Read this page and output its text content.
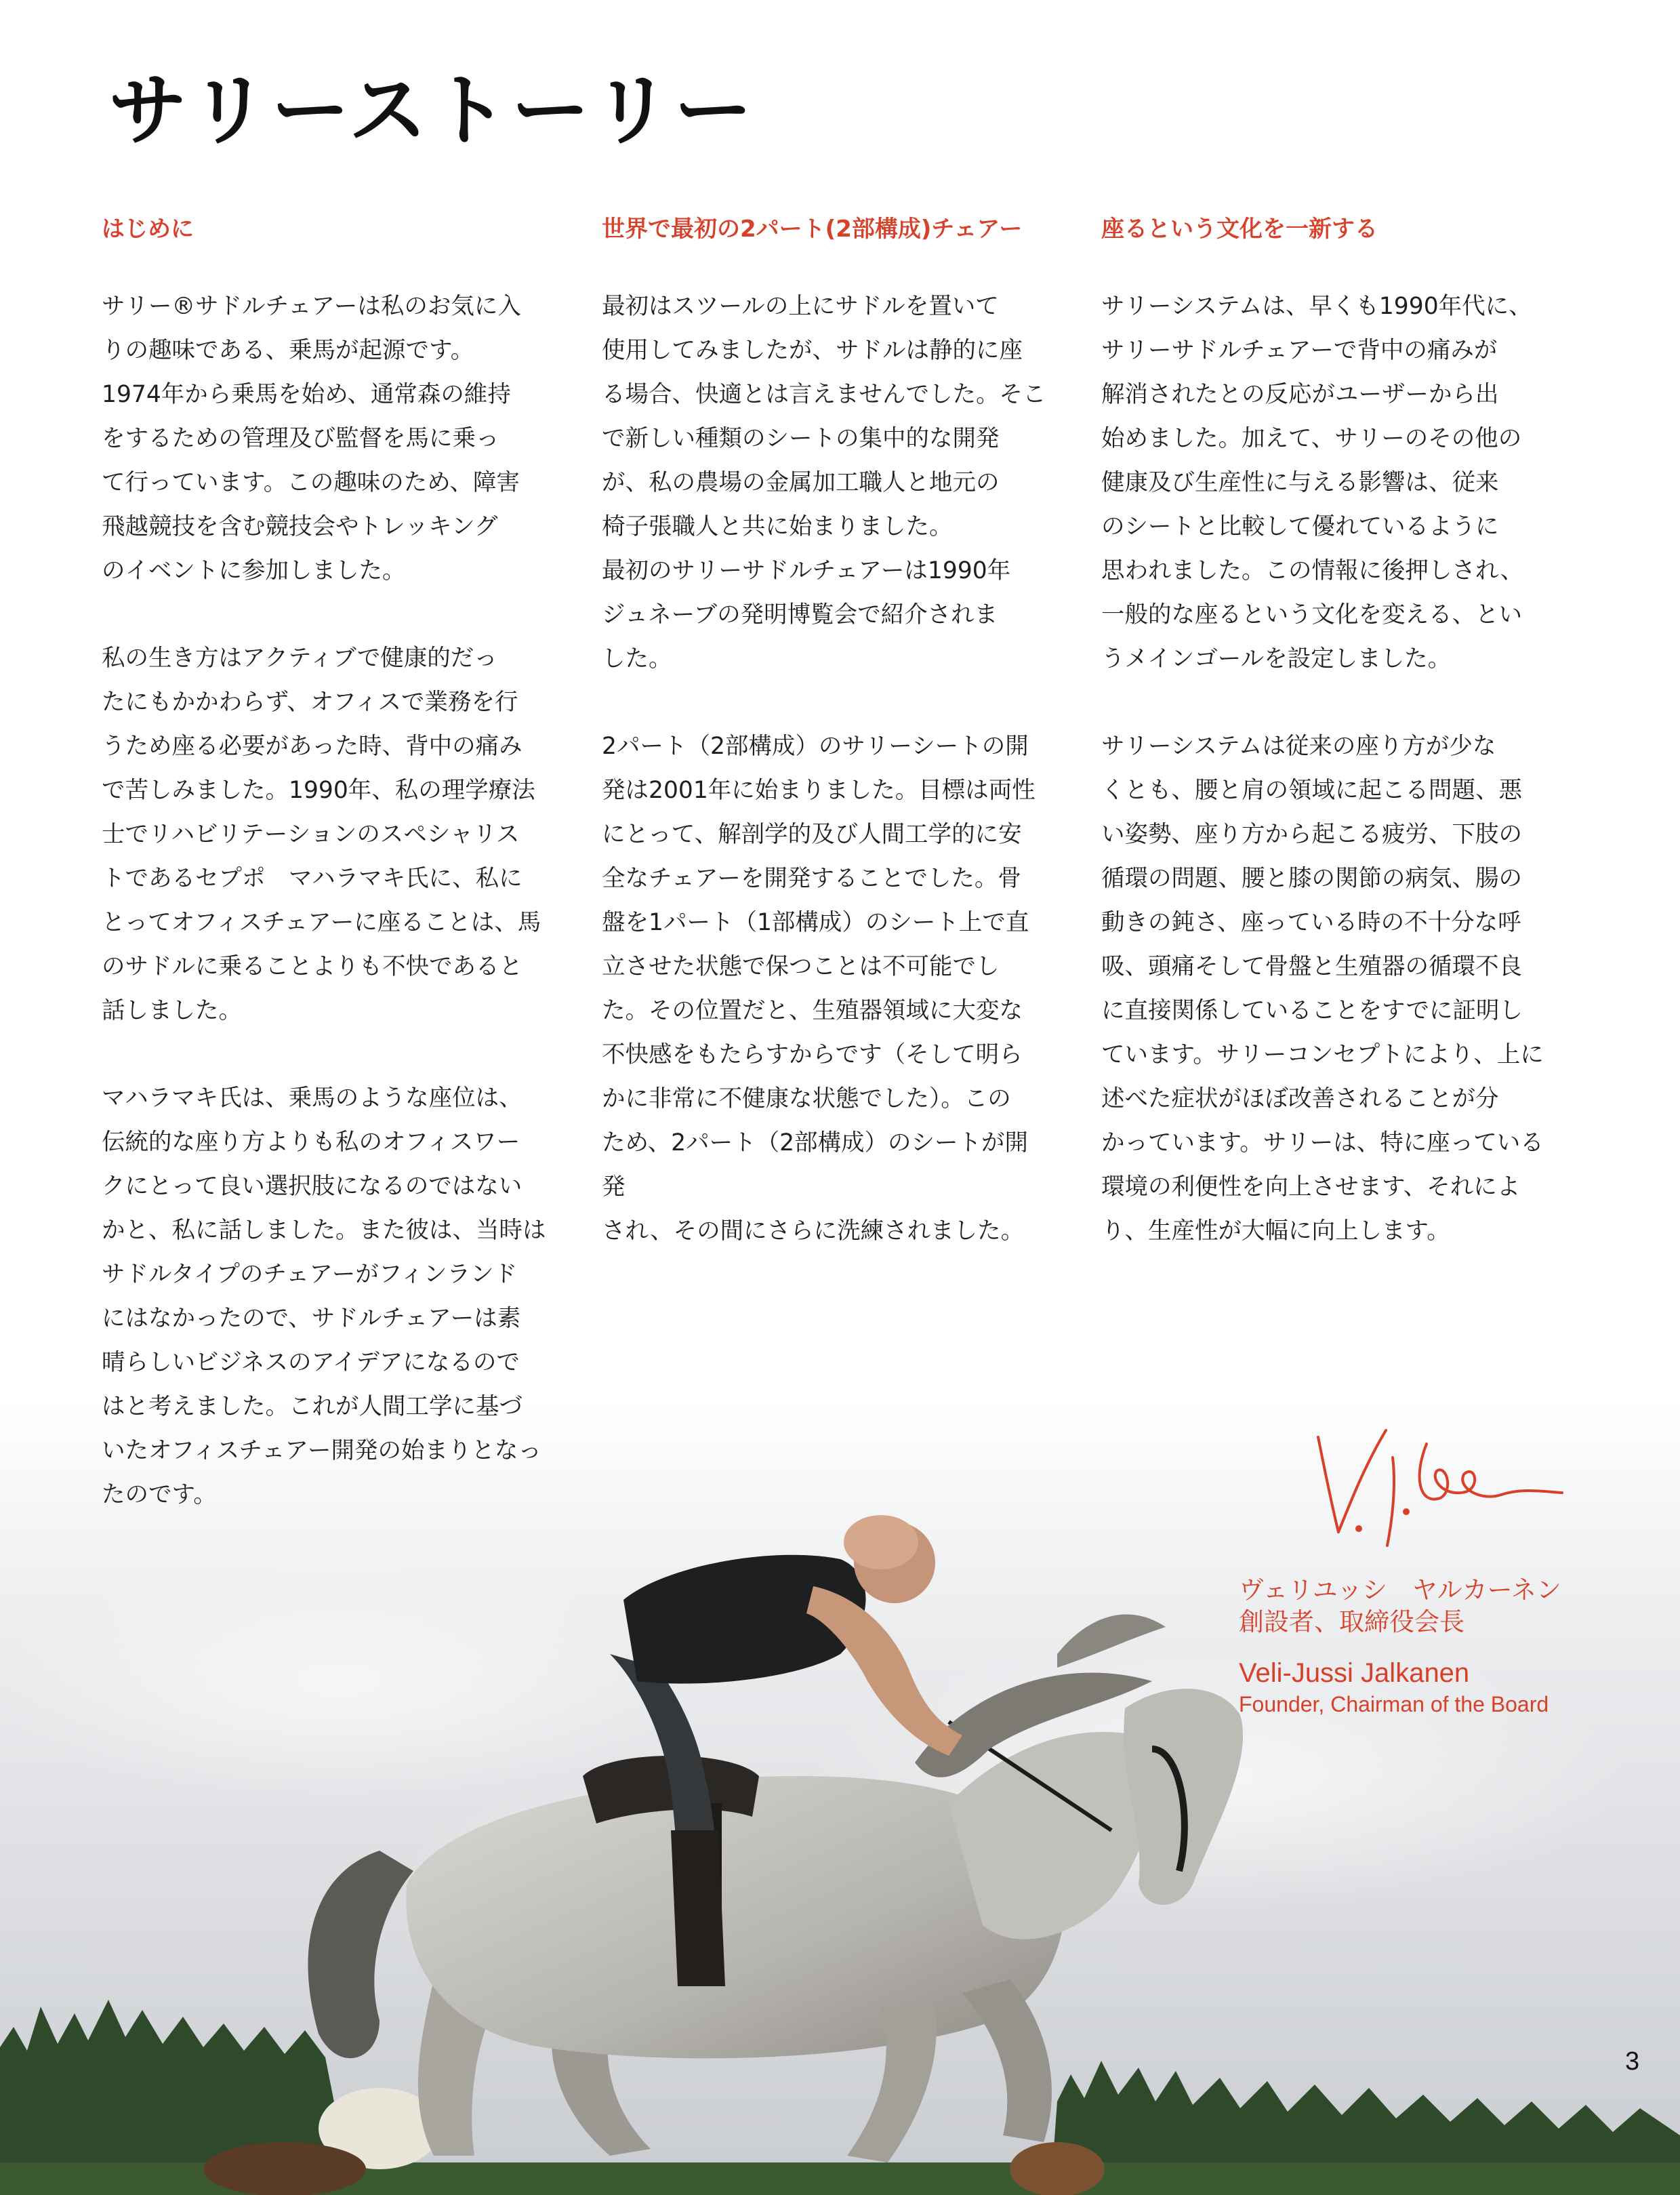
サリーストーリー
はじめに

サリー®サドルチェアーは私のお気に入
りの趣味である、乗馬が起源です。
1974年から乗馬を始め、通常森の維持
をするための管理及び監督を馬に乗っ
て行っています。この趣味のため、障害
飛越競技を含む競技会やトレッキング
のイベントに参加しました。

私の生き方はアクティブで健康的だっ
たにもかかわらず、オフィスで業務を行
うため座る必要があった時、背中の痛み
で苦しみました。1990年、私の理学療法
士でリハビリテーションのスペシャリス
トであるセプポ　マハラマキ氏に、私に
とってオフィスチェアーに座ることは、馬
のサドルに乗ることよりも不快であると
話しました。

マハラマキ氏は、乗馬のような座位は、
伝統的な座り方よりも私のオフィスワー
クにとって良い選択肢になるのではない
かと、私に話しました。また彼は、当時は
サドルタイプのチェアーがフィンランド
にはなかったので、サドルチェアーは素
晴らしいビジネスのアイデアになるので
はと考えました。これが人間工学に基づ
いたオフィスチェアー開発の始まりとなっ
たのです。

世界で最初の2パート(2部構成)チェアー

最初はスツールの上にサドルを置いて
使用してみましたが、サドルは静的に座
る場合、快適とは言えませんでした。そこ
で新しい種類のシートの集中的な開発
が、私の農場の金属加工職人と地元の
椅子張職人と共に始まりました。
最初のサリーサドルチェアーは1990年
ジュネーブの発明博覧会で紹介されま
した。

2パート（2部構成）のサリーシートの開
発は2001年に始まりました。目標は両性
にとって、解剖学的及び人間工学的に安
全なチェアーを開発することでした。骨
盤を1パート（1部構成）のシート上で直
立させた状態で保つことは不可能でし
た。その位置だと、生殖器領域に大変な
不快感をもたらすからです（そして明ら
かに非常に不健康な状態でした）。この
ため、2パート（2部構成）のシートが開発
され、その間にさらに洗練されました。

座るという文化を一新する

サリーシステムは、早くも1990年代に、
サリーサドルチェアーで背中の痛みが
解消されたとの反応がユーザーから出
始めました。加えて、サリーのその他の
健康及び生産性に与える影響は、従来
のシートと比較して優れているように
思われました。この情報に後押しされ、
一般的な座るという文化を変える、とい
うメインゴールを設定しました。

サリーシステムは従来の座り方が少な
くとも、腰と肩の領域に起こる問題、悪
い姿勢、座り方から起こる疲労、下肢の
循環の問題、腰と膝の関節の病気、腸の
動きの鈍さ、座っている時の不十分な呼
吸、頭痛そして骨盤と生殖器の循環不良
に直接関係していることをすでに証明し
ています。サリーコンセプトにより、上に
述べた症状がほぼ改善されることが分
かっています。サリーは、特に座っている
環境の利便性を向上させます、それによ
り、生産性が大幅に向上します。

ヴェリユッシ　ヤルカーネン
創設者、取締役会長
Veli-Jussi Jalkanen
Founder, Chairman of the Board
3
